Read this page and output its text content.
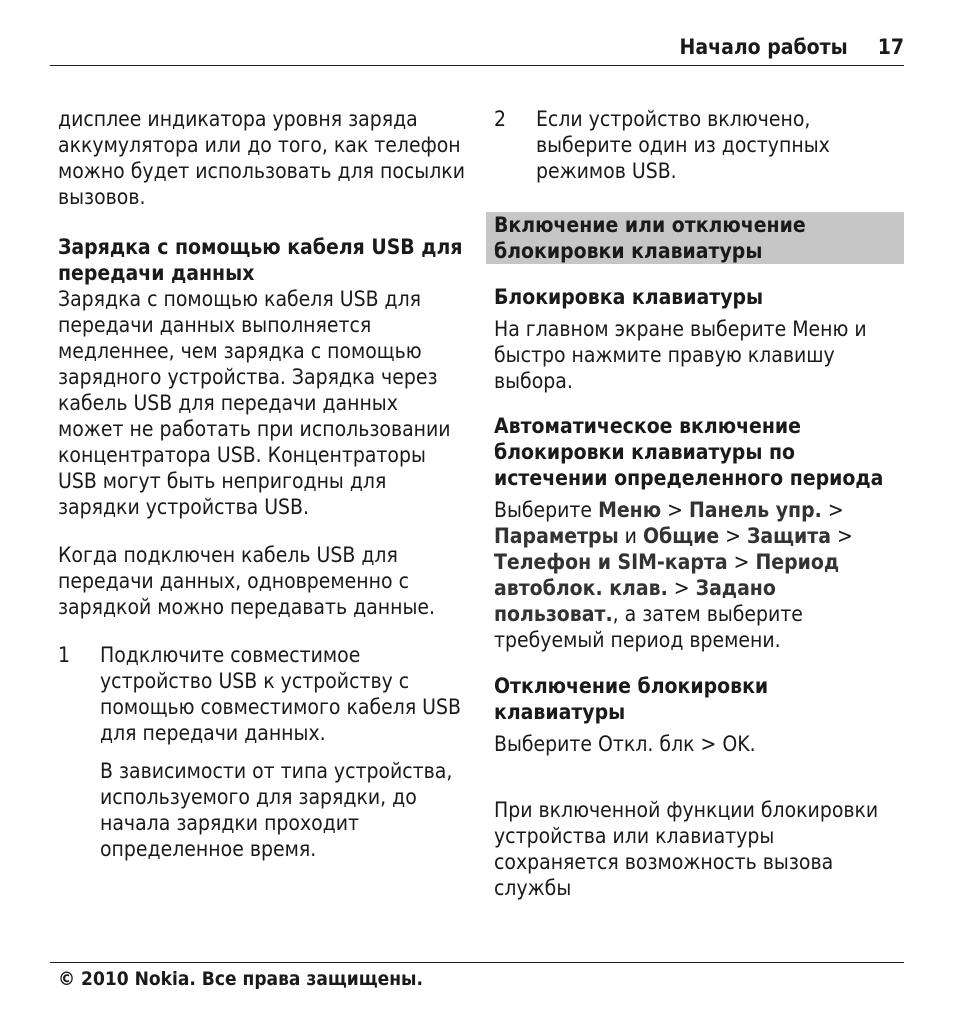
Начало работы 17

дисплее индикатора уровня заряда аккумулятора или до того, как телефон можно будет использовать для посылки вызовов.

Зарядка с помощью кабеля USB для передачи данных

Зарядка с помощью кабеля USB для передачи данных выполняется медленнее, чем зарядка с помощью зарядного устройства. Зарядка через кабель USB для передачи данных может не работать при использовании концентратора USB. Концентраторы USB могут быть непригодны для зарядки устройства USB.

Когда подключен кабель USB для передачи данных, одновременно с зарядкой можно передавать данные.

1	Подключите совместимое устройство USB к устройству с помощью совместимого кабеля USB для передачи данных.

В зависимости от типа устройства, используемого для зарядки, до начала зарядки проходит определенное время.

2	Если устройство включено, выберите один из доступных режимов USB.

Включение или отключение блокировки клавиатуры

Блокировка клавиатуры

На главном экране выберите Меню и быстро нажмите правую клавишу выбора.

Автоматическое включение блокировки клавиатуры по истечении определенного периода

Выберите Меню > Панель упр. > Параметры и Общие > Защита > Телефон и SIM-карта > Период автоблок. клав. > Задано пользоват., а затем выберите требуемый период времени.

Отключение блокировки клавиатуры

Выберите Откл. блк > OK.

При включенной функции блокировки устройства или клавиатуры сохраняется возможность вызова службы

© 2010 Nokia. Все права защищены.
